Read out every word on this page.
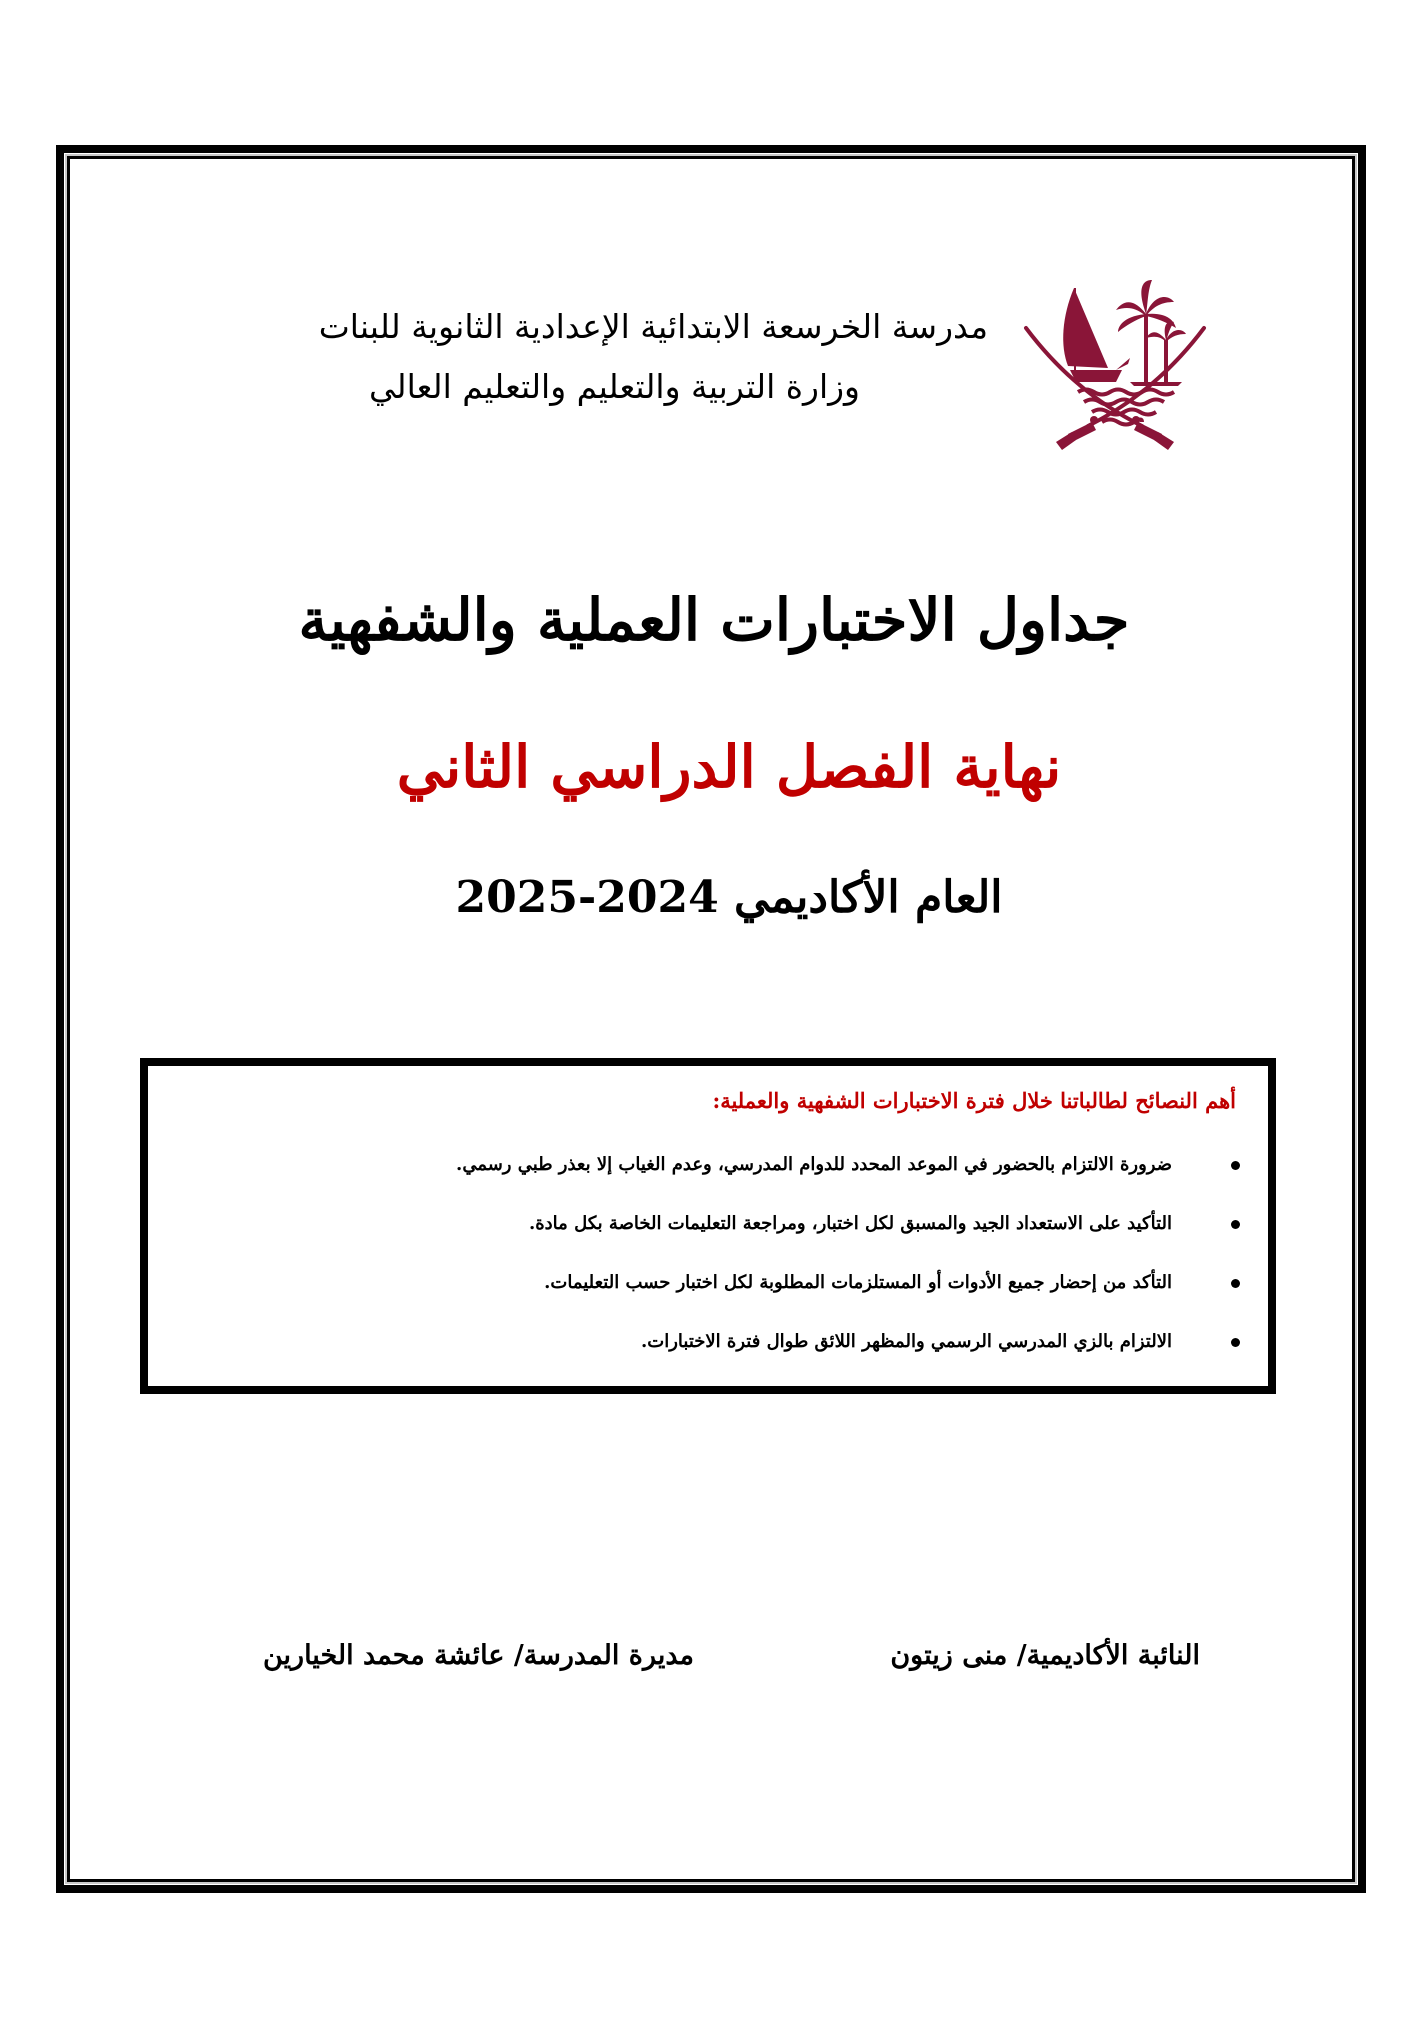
مدرسة الخرسعة الابتدائية الإعدادية الثانوية للبنات
وزارة التربية والتعليم والتعليم العالي
جداول الاختبارات العملية والشفهية
نهاية الفصل الدراسي الثاني
العام الأكاديمي 2024-2025
أهم النصائح لطالباتنا خلال فترة الاختبارات الشفهية والعملية:
ضرورة الالتزام بالحضور في الموعد المحدد للدوام المدرسي، وعدم الغياب إلا بعذر طبي رسمي.
التأكيد على الاستعداد الجيد والمسبق لكل اختبار، ومراجعة التعليمات الخاصة بكل مادة.
التأكد من إحضار جميع الأدوات أو المستلزمات المطلوبة لكل اختبار حسب التعليمات.
الالتزام بالزي المدرسي الرسمي والمظهر اللائق طوال فترة الاختبارات.
النائبة الأكاديمية/ منى زيتون
مديرة المدرسة/ عائشة محمد الخيارين
